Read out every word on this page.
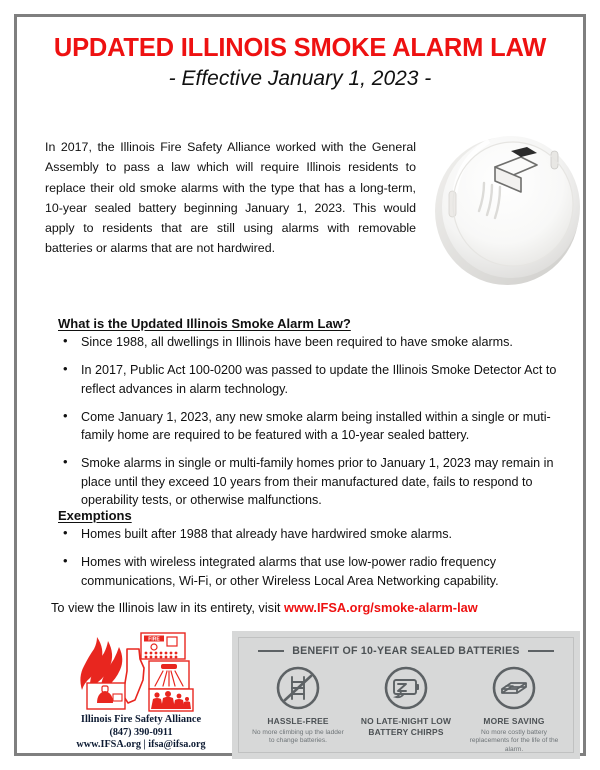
UPDATED ILLINOIS SMOKE ALARM LAW
- Effective January 1, 2023 -

In 2017, the Illinois Fire Safety Alliance worked with the General Assembly to pass a law which will require Illinois residents to replace their old smoke alarms with the type that has a long-term, 10-year sealed battery beginning January 1, 2023. This would apply to residents that are still using alarms with removable batteries or alarms that are not hardwired.

What is the Updated Illinois Smoke Alarm Law?
• Since 1988, all dwellings in Illinois have been required to have smoke alarms.
• In 2017, Public Act 100-0200 was passed to update the Illinois Smoke Detector Act to reflect advances in alarm technology.
• Come January 1, 2023, any new smoke alarm being installed within a single or muti-family home are required to be featured with a 10-year sealed battery.
• Smoke alarms in single or multi-family homes prior to January 1, 2023 may remain in place until they exceed 10 years from their manufactured date, fails to respond to operability tests, or otherwise malfunctions.
Exemptions
• Homes built after 1988 that already have hardwired smoke alarms.
• Homes with wireless integrated alarms that use low-power radio frequency communications, Wi-Fi, or other Wireless Local Area Networking capability.
To view the Illinois law in its entirety, visit www.IFSA.org/smoke-alarm-law
FIRE
Illinois Fire Safety Alliance
(847) 390-0911
www.IFSA.org | ifsa@ifsa.org
BENEFIT OF 10-YEAR SEALED BATTERIES
HASSLE-FREE
No more climbing up the ladder to change batteries.
NO LATE-NIGHT LOW BATTERY CHIRPS
MORE SAVING
No more costly battery replacements for the life of the alarm.
